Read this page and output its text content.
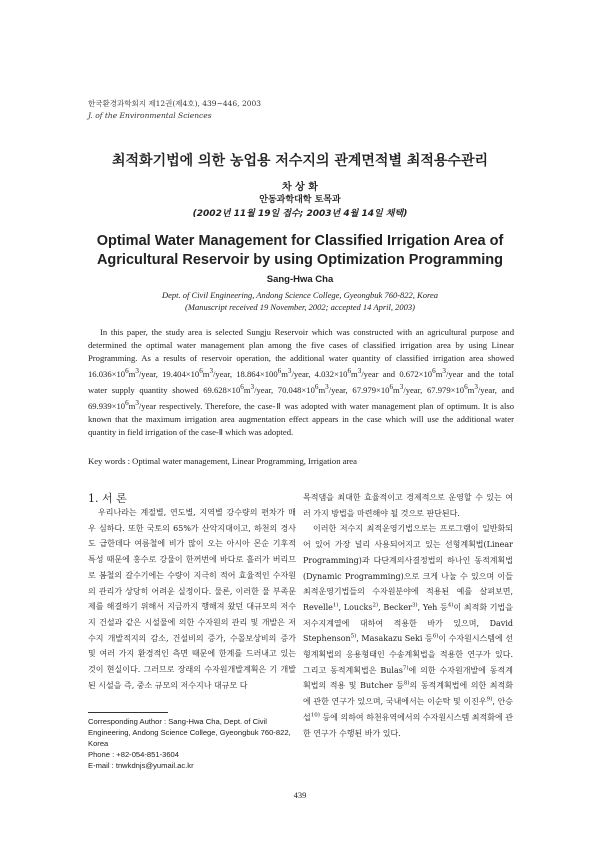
한국환경과학회지 제12권(제4호), 439~446, 2003
J. of the Environmental Sciences
최적화기법에 의한 농업용 저수지의 관계면적별 최적용수관리
차 상 화
안동과학대학 토목과
(2002년 11월 19일 접수; 2003년 4월 14일 채택)
Optimal Water Management for Classified Irrigation Area of
Agricultural Reservoir by using Optimization Programming
Sang-Hwa Cha
Dept. of Civil Engineering, Andong Science College, Gyeongbuk 760-822, Korea
(Manuscript received 19 November, 2002; accepted 14 April, 2003)
In this paper, the study area is selected Sungju Reservoir which was constructed with an agricultural purpose and determined the optimal water management plan among the five cases of classified irrigation area by using Linear Programming. As a results of reservoir operation, the additional water quantity of classified irrigation area showed $16.036\times 10^6m^3$/year, $19.404\times 10^6m^3$/year, $18.864\times 100^6m^3$/year, $4.032\times 10^6m^3$/year and $0.672\times 10^6m^3$/year and the total water supply quantity showed $69.628\times 10^6m^3$/year, $70.048\times 10^6m^3$/year, $67.979\times 10^6m^3$/year, $67.979\times 10^6m^3$/year, and $69.939\times 10^6m^3$/year respectively. Therefore, the case-Ⅱ was adopted with water management plan of optimum. It is also known that the maximum irrigation area augmentation effect appears in the case which will use the additional water quantity in field irrigation of the case-Ⅱ which was adopted.
Key words : Optimal water management, Linear Programming, Irrigation area
1. 서 론

우리나라는 계절별, 연도별, 지역별 강수량의 편차가 매우 심하다. 또한 국토의 65%가 산악지대이고, 하천의 경사도 급한데다 여름철에 비가 많이 오는 아시아 몬순 기후적 특성 때문에 홍수로 강물이 한꺼번에 바다로 흘러가 버리므로 봄철의 갈수기에는 수량이 지극히 적어 효율적인 수자원의 관리가 상당히 어려운 실정이다. 물론, 이러한 물 부족문제를 해결하기 위해서 지금까지 행해져 왔던 대규모의 저수지 건설과 같은 시설물에 의한 수자원의 관리 및 개발은 저수지 개발적지의 감소, 건설비의 증가, 수몰보상비의 증가 및 여러 가지 환경적인 측면 때문에 한계를 드러내고 있는 것이 현실이다. 그러므로 장래의 수자원개발계획은 기 개발된 시설을 즉, 중소 규모의 저수지나 대규모 다

목적댐을 최대한 효율적이고 경제적으로 운영할 수 있는 여러 가지 방법을 마련해야 될 것으로 판단된다.

이러한 저수지 최적운영기법으로는 프로그램이 일반화되어 있어 가장 널리 사용되어지고 있는 선형계획법(Linear Programming)과 다단계의사결정법의 하나인 동적계획법(Dynamic Programming)으로 크게 나눌 수 있으며 이들 최적운영기법들의 수자원분야에 적용된 예를 살펴보면, Revelle$^{1)}$, Loucks$^{2)}$, Becker$^{3)}$, Yeh 등$^{4)}$이 최적화 기법을 저수지계열에 대하여 적용한 바가 있으며, David Stephenson$^{5)}$, Masakazu Seki 등$^{6)}$이 수자원시스템에 선형계획법의 응용형태인 수송계획법을 적용한 연구가 있다. 그리고 동적계획법은 Bulas$^{7)}$에 의한 수자원개발에 동적계획법의 적용 및 Butcher 등$^{8)}$의 동적계획법에 의한 최적화에 관한 연구가 있으며, 국내에서는 이순탁 및 이진우$^{9)}$, 안승섭$^{10)}$ 등에 의하여 하천유역에서의 수자원시스템 최적화에 관한 연구가 수행된 바가 있다.

Corresponding Author : Sang-Hwa Cha, Dept. of Civil Engineering, Andong Science College, Gyeongbuk 760-822, Korea
Phone : +82-054-851-3604
E-mail : tnwkdnjs@yumail.ac.kr
439
